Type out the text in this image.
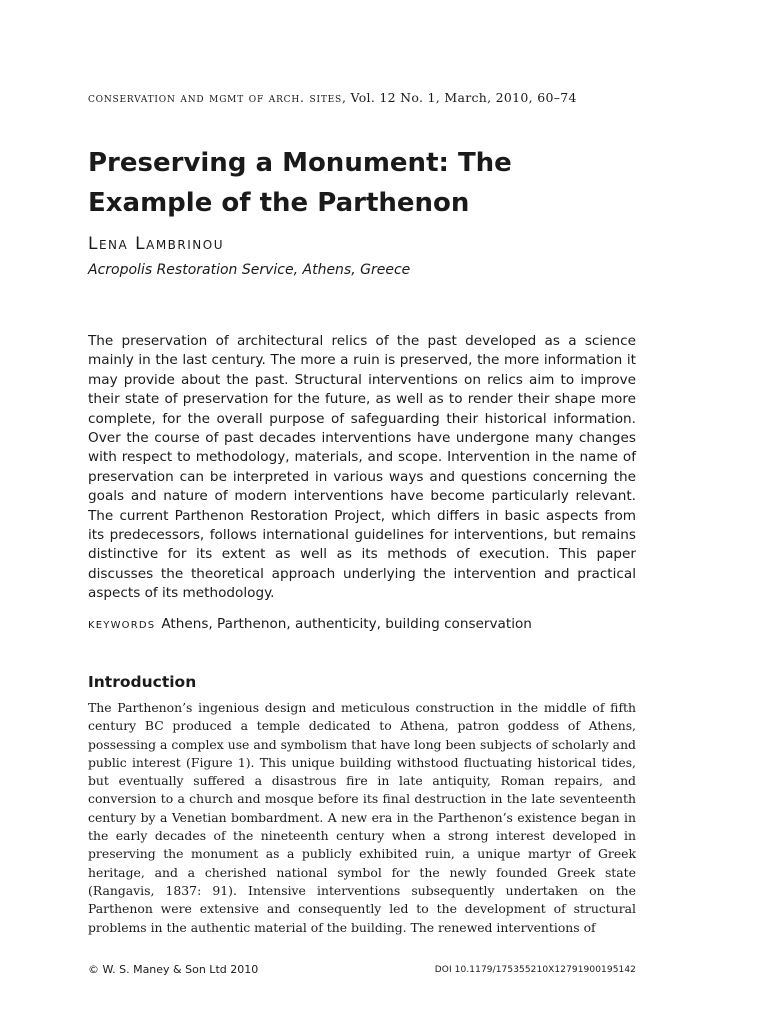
conservation and mgmt of arch. sites, Vol. 12 No. 1, March, 2010, 60–74
Preserving a Monument: The Example of the Parthenon
Lena Lambrinou
Acropolis Restoration Service, Athens, Greece

The preservation of architectural relics of the past developed as a science mainly in the last century. The more a ruin is preserved, the more information it may provide about the past. Structural interventions on relics aim to improve their state of preservation for the future, as well as to render their shape more complete, for the overall purpose of safeguarding their historical information. Over the course of past decades interventions have undergone many changes with respect to methodology, materials, and scope. Intervention in the name of preservation can be interpreted in various ways and questions concerning the goals and nature of modern interventions have become particularly relevant. The current Parthenon Restoration Project, which differs in basic aspects from its predecessors, follows international guidelines for interventions, but remains distinctive for its extent as well as its methods of execution. This paper discusses the theoretical approach underlying the intervention and practical aspects of its methodology.

keywords Athens, Parthenon, authenticity, building conservation
Introduction

The Parthenon’s ingenious design and meticulous construction in the middle of fifth century BC produced a temple dedicated to Athena, patron goddess of Athens, possessing a complex use and symbolism that have long been subjects of scholarly and public interest (Figure 1). This unique building withstood fluctuating historical tides, but eventually suffered a disastrous fire in late antiquity, Roman repairs, and conversion to a church and mosque before its final destruction in the late seventeenth century by a Venetian bombardment. A new era in the Parthenon’s existence began in the early decades of the nineteenth century when a strong interest developed in preserving the monument as a publicly exhibited ruin, a unique martyr of Greek heritage, and a cherished national symbol for the newly founded Greek state (Rangavis, 1837: 91). Intensive interventions subsequently undertaken on the Parthenon were extensive and consequently led to the development of structural problems in the authentic material of the building. The renewed interventions of

© W. S. Maney & Son Ltd 2010	DOI 10.1179/175355210X12791900195142
